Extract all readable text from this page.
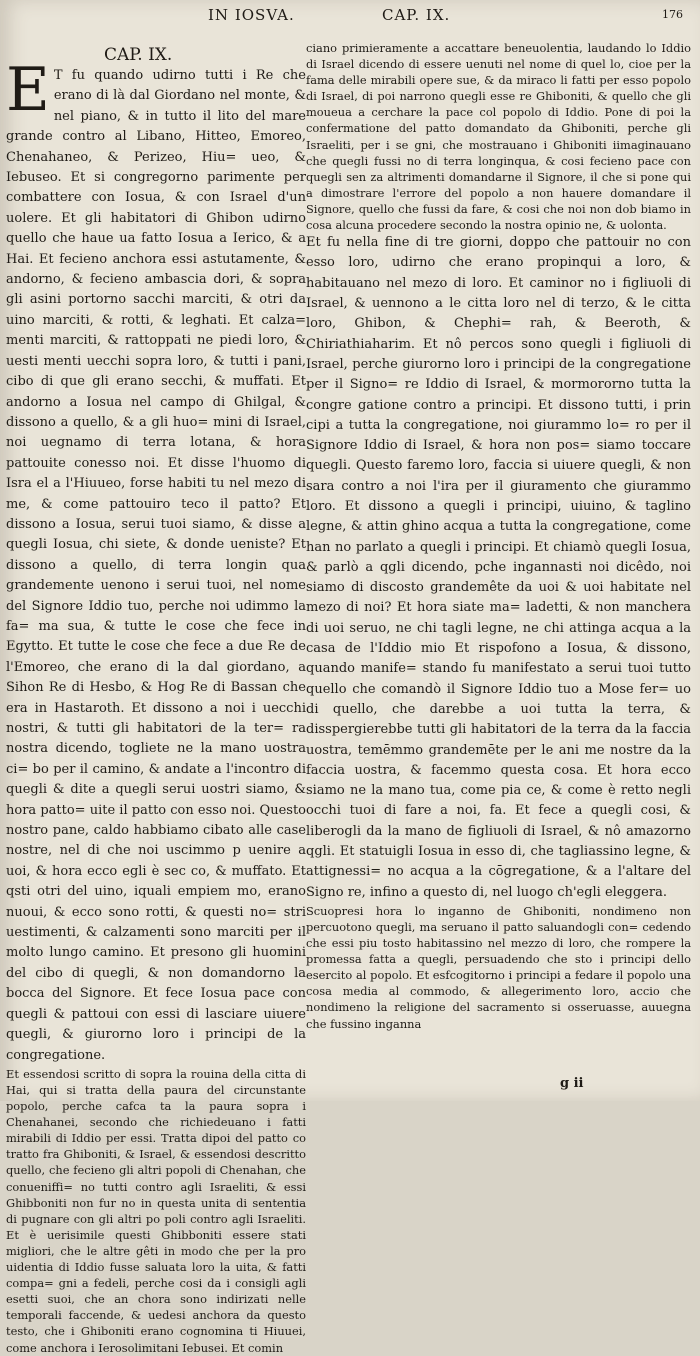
IN IOSVA.	CAP. IX.	176
CAP. IX.

E T fu quando udirno tutti i Re che erano di là dal Giordano nel monte, & nel piano, & in tutto il lito del mare grande contro al Libano, Hitteo, Emoreo, Chenahaneo, & Perizeo, Hiu= ueo, & Iebuseo. Et si congregorno parimente per combattere con Iosua, & con Israel d'un uolere. Et gli habitatori di Ghibon udirno quello che haue ua fatto Iosua a Ierico, & a Hai. Et fecieno anchora essi astutamente, & andorno, & fecieno ambascia dori, & sopra gli asini portorno sacchi marciti, & otri da uino marciti, & rotti, & leghati. Et calza= menti marciti, & rattoppati ne piedi loro, & uesti menti uecchi sopra loro, & tutti i pani, cibo di que gli erano secchi, & muffati. Et andorno a Iosua nel campo di Ghilgal, & dissono a quello, & a gli huo= mini di Israel, noi uegnamo di terra lotana, & hora pattouite conesso noi. Et disse l'huomo di Isra el a l'Hiuueo, forse habiti tu nel mezo di me, & come pattouiro teco il patto? Et dissono a Iosua, serui tuoi siamo, & disse a quegli Iosua, chi siete, & donde ueniste? Et dissono a quello, di terra longin qua grandemente uenono i serui tuoi, nel nome del Signore Iddio tuo, perche noi udimmo la fa= ma sua, & tutte le cose che fece in Egytto. Et tutte le cose che fece a due Re de l'Emoreo, che erano di la dal giordano, a Sihon Re di Hesbo, & Hog Re di Bassan che era in Hastaroth. Et dissono a noi i uecchi nostri, & tutti gli habitatori de la ter= ra nostra dicendo, togliete ne la mano uostra ci= bo per il camino, & andate a l'incontro di quegli & dite a quegli serui uostri siamo, & hora patto= uite il patto con esso noi. Questo nostro pane, caldo habbiamo cibato alle case nostre, nel di che noi uscimmo p uenire a uoi, & hora ecco egli è sec co, & muffato. Et qsti otri del uino, iquali empiem mo, erano nuoui, & ecco sono rotti, & questi no= stri uestimenti, & calzamenti sono marciti per il molto lungo camino. Et presono gli huomini del cibo di quegli, & non domandorno la bocca del Signore. Et fece Iosua pace con quegli & pattoui con essi di lasciare uiuere quegli, & giurorno loro i principi de la congregatione.

Et essendosi scritto di sopra la rouina della citta di Hai, qui si tratta della paura del circunstante popolo, perche cafca ta la paura sopra i Chenahanei, secondo che richiedeuano i fatti mirabili di Iddio per essi. Tratta dipoi del patto co tratto fra Ghiboniti, & Israel, & essendosi descritto quello, che fecieno gli altri popoli di Chenahan, che conueniffi= no tutti contro agli Israeliti, & essi Ghibboniti non fur no in questa unita di sententia di pugnare con gli altri po poli contro agli Israeliti. Et è uerisimile questi Ghibboniti essere stati migliori, che le altre gêti in modo che per la pro uidentia di Iddio fusse saluata loro la uita, & fatti compa= gni a fedeli, perche cosi da i consigli agli esetti suoi, che an chora sono indirizati nelle temporali faccende, & uedesi anchora da questo testo, che i Ghiboniti erano cognomina ti Hiuuei, come anchora i Ierosolimitani Iebusei. Et comin

ciano primieramente a accattare beneuolentia, laudando lo Iddio di Israel dicendo di essere uenuti nel nome di quel lo, cioe per la fama delle mirabili opere sue, & da miraco li fatti per esso popolo di Israel, di poi narrono quegli esse re Ghiboniti, & quello che gli moueua a cerchare la pace col popolo di Iddio. Pone di poi la confermatione del patto domandato da Ghiboniti, perche gli Israeliti, per i se gni, che mostrauano i Ghiboniti iimaginauano che quegli fussi no di terra longinqua, & cosi fecieno pace con quegli sen za altrimenti domandarne il Signore, il che si pone qui a dimostrare l'errore del popolo a non hauere domandare il Signore, quello che fussi da fare, & cosi che noi non dob biamo in cosa alcuna procedere secondo la nostra opinio ne, & uolonta.

Et fu nella fine di tre giorni, doppo che pattouir no con esso loro, udirno che erano propinqui a loro, & habitauano nel mezo di loro. Et caminor no i figliuoli di Israel, & uennono a le citta loro nel di terzo, & le citta loro, Ghibon, & Chephi= rah, & Beeroth, & Chiriathiaharim. Et nô percos sono quegli i figliuoli di Israel, perche giurorno loro i principi de la congregatione per il Signo= re Iddio di Israel, & mormororno tutta la congre gatione contro a principi. Et dissono tutti, i prin cipi a tutta la congregatione, noi giurammo lo= ro per il Signore Iddio di Israel, & hora non pos= siamo toccare quegli. Questo faremo loro, faccia si uiuere quegli, & non sara contro a noi l'ira per il giuramento che giurammo loro. Et dissono a quegli i principi, uiuino, & taglino legne, & attin ghino acqua a tutta la congregatione, come han no parlato a quegli i principi. Et chiamò quegli Iosua, & parlò a qgli dicendo, pche ingannasti noi dicêdo, noi siamo di discosto grandemête da uoi & uoi habitate nel mezo di noi? Et hora siate ma= ladetti, & non manchera di uoi seruo, ne chi tagli legne, ne chi attinga acqua a la casa de l'Iddio mio Et rispofono a Iosua, & dissono, quando manife= stando fu manifestato a serui tuoi tutto quello che comandò il Signore Iddio tuo a Mose fer= uo di quello, che darebbe a uoi tutta la terra, & disspergierebbe tutti gli habitatori de la terra da la faccia uostra, temēmmo grandemēte per le ani me nostre da la faccia uostra, & facemmo questa cosa. Et hora ecco siamo ne la mano tua, come pia ce, & come è retto negli occhi tuoi di fare a noi, fa. Et fece a quegli cosi, & liberogli da la mano de figliuoli di Israel, & nô amazorno qgli. Et statuigli Iosua in esso di, che tagliassino legne, & attignessi= no acqua a la cōgregatione, & a l'altare del Signo re, infino a questo di, nel luogo ch'egli eleggera.

Scuopresi hora lo inganno de Ghiboniti, nondimeno non percuotono quegli, ma seruano il patto saluandogli con= cedendo che essi piu tosto habitassino nel mezzo di loro, che rompere la promessa fatta a quegli, persuadendo che sto i principi dello esercito al popolo. Et esfcogitorno i principi a fedare il popolo una cosa media al commodo, & allegerimento loro, accio che nondimeno la religione del sacramento si osseruasse, auuegna che fussino inganna

g ii
